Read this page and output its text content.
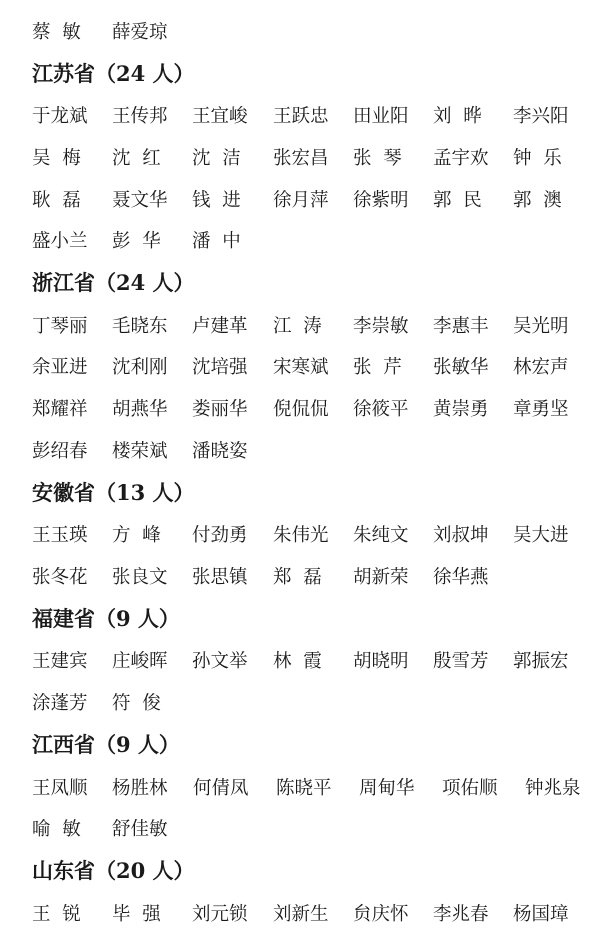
蔡  敏 薛爱琼
江苏省 （24 人）
于龙斌 王传邦 王宜峻 王跃忠 田业阳 刘  晔 李兴阳
吴  梅 沈  红 沈  洁 张宏昌 张  琴 孟宇欢 钟  乐
耿  磊 聂文华 钱  进 徐月萍 徐紫明 郭  民 郭  澳
盛小兰 彭  华 潘  中
浙江省 （24 人）
丁琴丽 毛晓东 卢建革 江  涛 李崇敏 李惠丰 吴光明
余亚进 沈利刚 沈培强 宋寒斌 张  芹 张敏华 林宏声
郑耀祥 胡燕华 娄丽华 倪侃侃 徐筱平 黄崇勇 章勇坚
彭绍春 楼荣斌 潘晓姿
安徽省 （13 人）
王玉瑛 方  峰 付劲勇 朱伟光 朱纯文 刘叔坤 吴大进
张冬花 张良文 张思镇 郑  磊 胡新荣 徐华燕
福建省 （9 人）
王建宾 庄峻晖 孙文举 林  霞 胡晓明 殷雪芳 郭振宏
涂蓬芳 符  俊
江西省 （9 人）
王凤顺 杨胜林 何倩凤 陈晓平 周甸华 项佑顺 钟兆泉
喻  敏 舒佳敏
山东省 （20 人）
王  锐 毕  强 刘元锁 刘新生 贠庆怀 李兆春 杨国璋
